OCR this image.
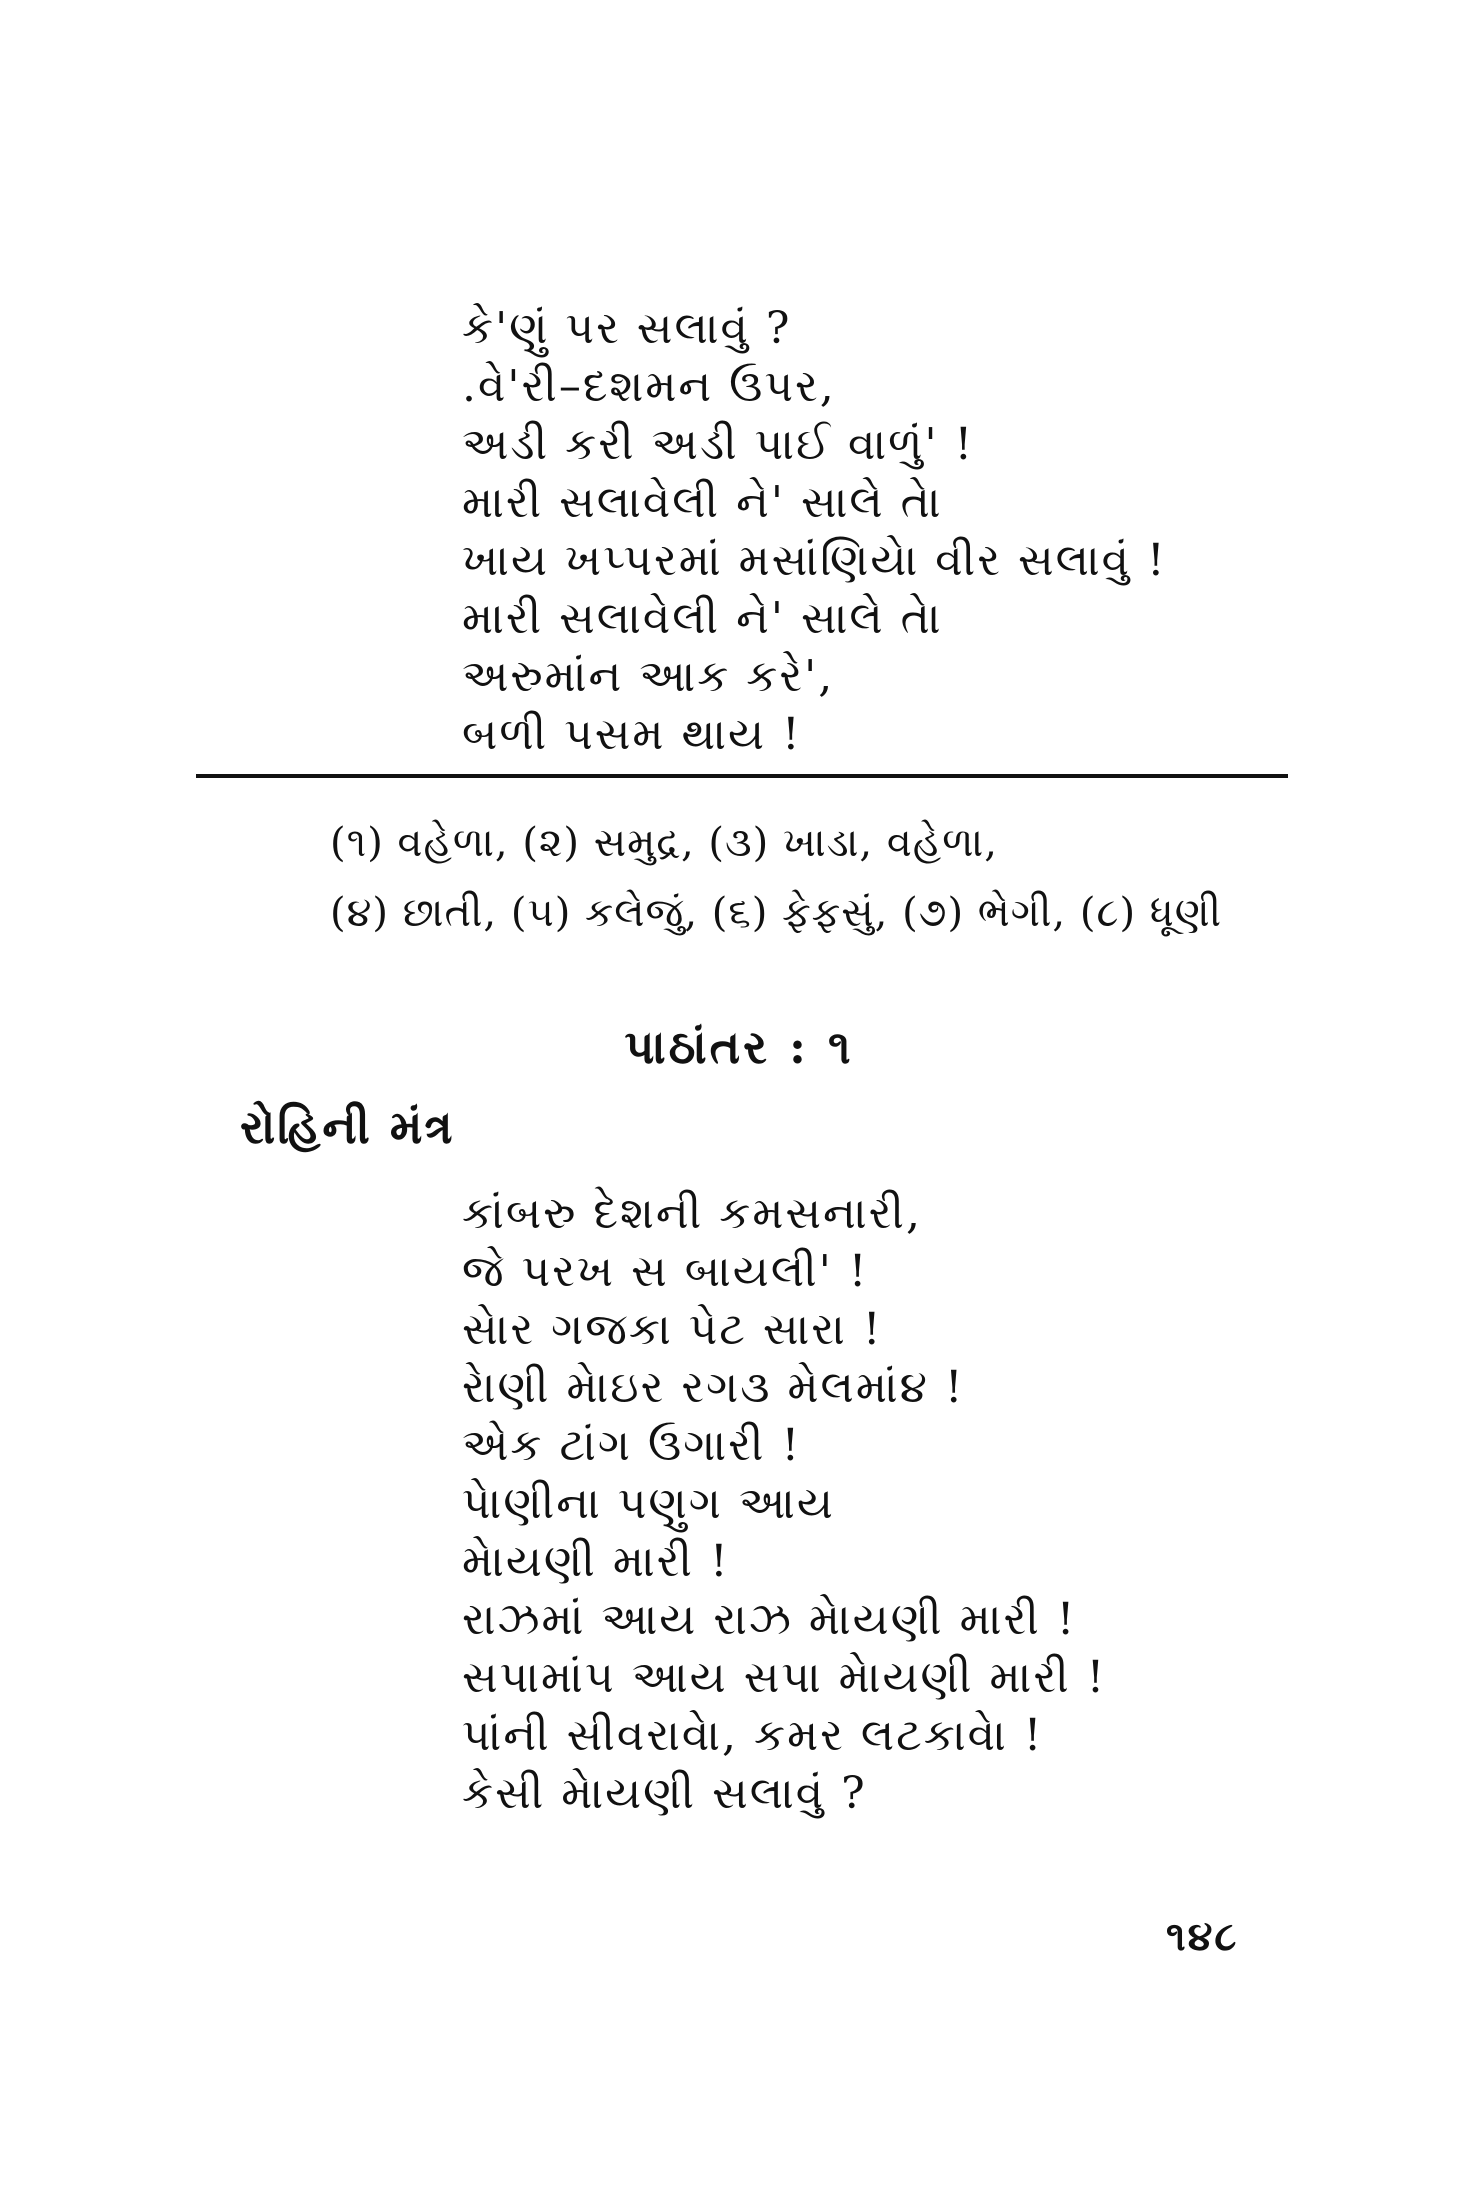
કે'ણું પર સલાવું ?
.વે'રી–દશમન ઉપર,
અડી કરી અડી પાઈ વાળું' !
મારી સલાવેલી ને' સાલે તેા
ખાય ખપ્પરમાં મસાંણિયેા વીર સલાવું !
મારી સલાવેલી ને' સાલે તેા
અરુમાંન આક કરે',
બળી પસમ થાય !
(૧) વહેળા, (૨) સમુદ્ર, (૩) ખાડા, વહેળા,
(૪) છાતી, (૫) કલેજું, (૬) ફેફસું, (૭) ભેગી, (૮) ધૂણી
પાઠાંતર : ૧
રોહિની મંત્ર
કાંબરુ દેશની કમસનારી,
જે પરખ સ બાયલી' !
સેાર ગજકા પેટ સારા !
રેાણી મેાઇર રગ૩ મેલમાં૪ !
એક ટાંગ ઉગારી !
પેાણીના પણુગ આય
મેાયણી મારી !
રાઝમાં આય રાઝ મેાયણી મારી !
સપામાં૫ આય સપા મેાયણી મારી !
પાંની સીવરાવેા, કમર લટકાવેા !
કેસી મેાયણી સલાવું ?
૧૪૮
